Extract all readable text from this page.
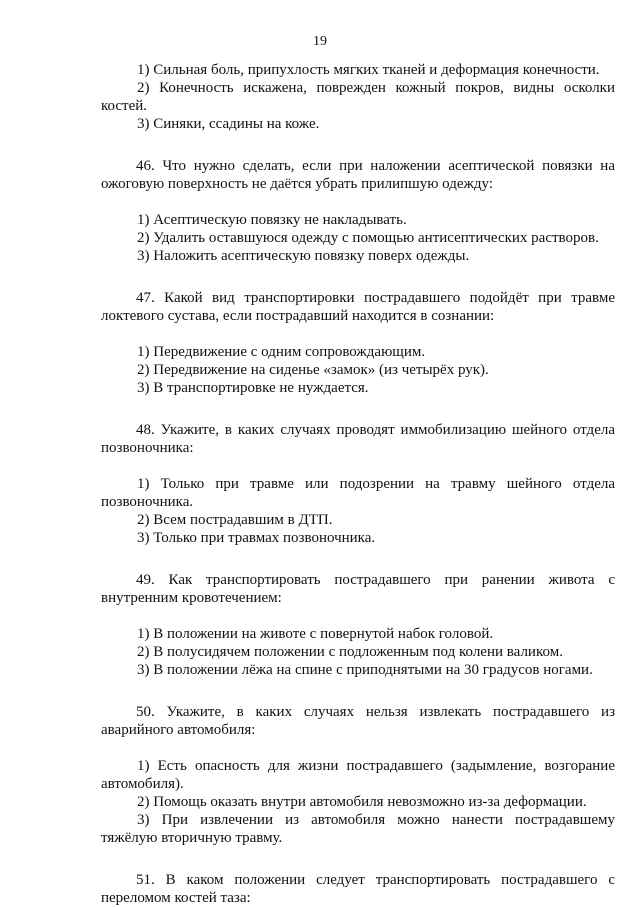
19
1) Сильная боль, припухлость мягких тканей и деформация конечности.
2) Конечность искажена, поврежден кожный покров, видны осколки костей.
3) Синяки, ссадины на коже.
46. Что нужно сделать, если при наложении асептической повязки на ожоговую поверхность не даётся убрать прилипшую одежду:
1) Асептическую повязку не накладывать.
2) Удалить оставшуюся одежду с помощью антисептических растворов.
3) Наложить асептическую повязку поверх одежды.
47. Какой вид транспортировки пострадавшего подойдёт при травме локтевого сустава, если пострадавший находится в сознании:
1) Передвижение с одним сопровождающим.
2) Передвижение на сиденье «замок» (из четырёх рук).
3) В транспортировке не нуждается.
48. Укажите, в каких случаях проводят иммобилизацию шейного отдела позвоночника:
1) Только при травме или подозрении на травму шейного отдела позвоночника.
2) Всем пострадавшим в ДТП.
3) Только при травмах позвоночника.
49. Как транспортировать пострадавшего при ранении живота с внутренним кровотечением:
1) В положении на животе с повернутой набок головой.
2) В полусидячем положении с подложенным под колени валиком.
3) В положении лёжа на спине с приподнятыми на 30 градусов ногами.
50. Укажите, в каких случаях нельзя извлекать пострадавшего из аварийного автомобиля:
1) Есть опасность для жизни пострадавшего (задымление, возгорание автомобиля).
2) Помощь оказать внутри автомобиля невозможно из-за деформации.
3) При извлечении из автомобиля можно нанести пострадавшему тяжёлую вторичную травму.
51. В каком положении следует транспортировать пострадавшего с переломом костей таза:
